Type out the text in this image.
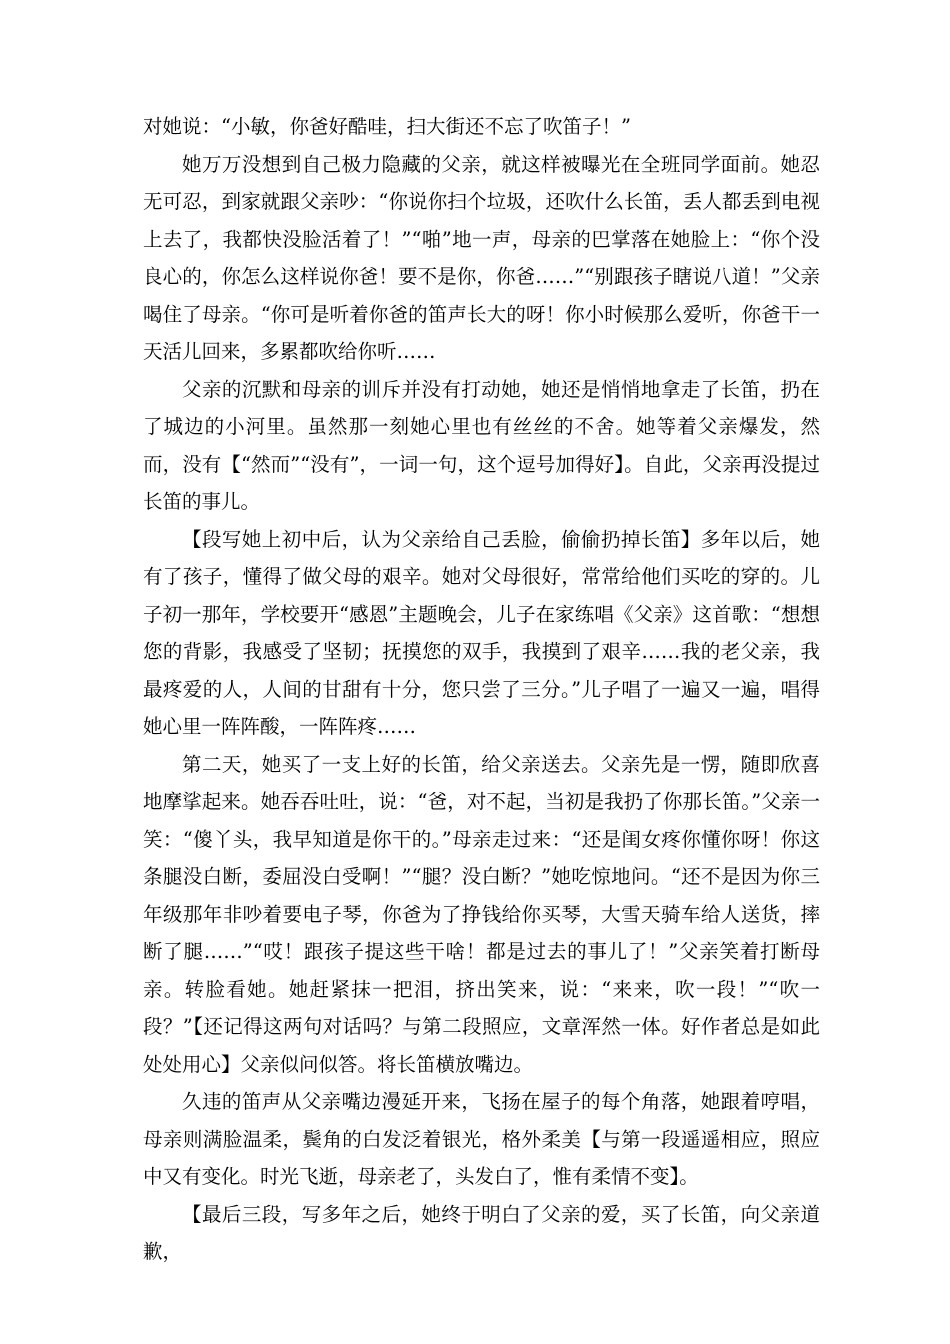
对她说：“小敏，你爸好酷哇，扫大街还不忘了吹笛子！”

她万万没想到自己极力隐藏的父亲，就这样被曝光在全班同学面前。她忍无可忍，到家就跟父亲吵：“你说你扫个垃圾，还吹什么长笛，丢人都丢到电视上去了，我都快没脸活着了！”“啪”地一声，母亲的巴掌落在她脸上：“你个没良心的，你怎么这样说你爸！要不是你，你爸……”“别跟孩子瞎说八道！”父亲喝住了母亲。“你可是听着你爸的笛声长大的呀！你小时候那么爱听，你爸干一天活儿回来，多累都吹给你听……

父亲的沉默和母亲的训斥并没有打动她，她还是悄悄地拿走了长笛，扔在了城边的小河里。虽然那一刻她心里也有丝丝的不舍。她等着父亲爆发，然而，没有【“然而”“没有”，一词一句，这个逗号加得好】。自此，父亲再没提过长笛的事儿。

【段写她上初中后，认为父亲给自己丢脸，偷偷扔掉长笛】多年以后，她有了孩子，懂得了做父母的艰辛。她对父母很好，常常给他们买吃的穿的。儿子初一那年，学校要开“感恩”主题晚会，儿子在家练唱《父亲》这首歌：“想想您的背影，我感受了坚韧；抚摸您的双手，我摸到了艰辛……我的老父亲，我最疼爱的人，人间的甘甜有十分，您只尝了三分。”儿子唱了一遍又一遍，唱得她心里一阵阵酸，一阵阵疼……

第二天，她买了一支上好的长笛，给父亲送去。父亲先是一愣，随即欣喜地摩挲起来。她吞吞吐吐，说：“爸，对不起，当初是我扔了你那长笛。”父亲一笑：“傻丫头，我早知道是你干的。”母亲走过来：“还是闺女疼你懂你呀！你这条腿没白断，委屈没白受啊！”“腿？没白断？”她吃惊地问。“还不是因为你三年级那年非吵着要电子琴，你爸为了挣钱给你买琴，大雪天骑车给人送货，摔断了腿……”“哎！跟孩子提这些干啥！都是过去的事儿了！”父亲笑着打断母亲。转脸看她。她赶紧抹一把泪，挤出笑来，说：“来来，吹一段！”“吹一段？”【还记得这两句对话吗？与第二段照应，文章浑然一体。好作者总是如此处处用心】父亲似问似答。将长笛横放嘴边。

久违的笛声从父亲嘴边漫延开来，飞扬在屋子的每个角落，她跟着哼唱，母亲则满脸温柔，鬓角的白发泛着银光，格外柔美【与第一段遥遥相应，照应中又有变化。时光飞逝，母亲老了，头发白了，惟有柔情不变】。

【最后三段，写多年之后，她终于明白了父亲的爱，买了长笛，向父亲道歉，
